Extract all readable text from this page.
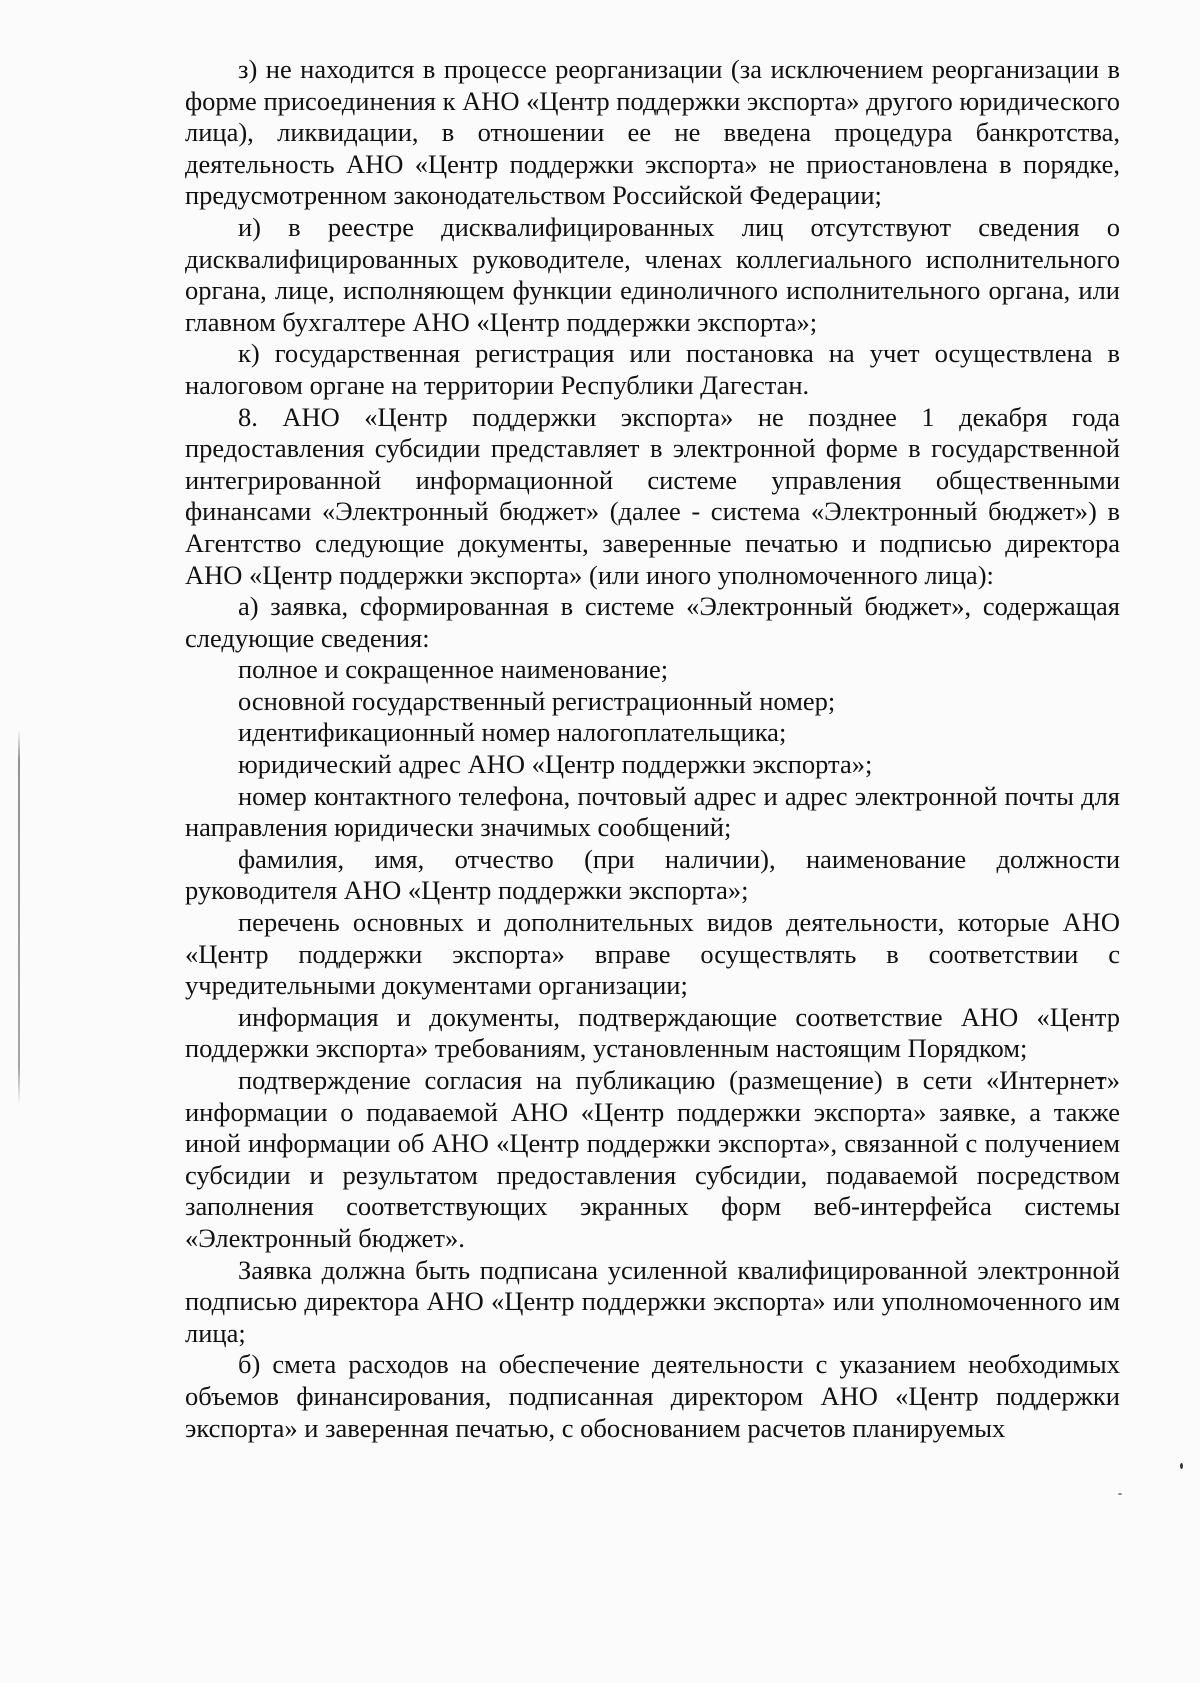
з) не находится в процессе реорганизации (за исключением реорганизации в форме присоединения к АНО «Центр поддержки экспорта» другого юридического лица), ликвидации, в отношении ее не введена процедура банкротства, деятельность АНО «Центр поддержки экспорта» не приостановлена в порядке, предусмотренном законодательством Российской Федерации;

и) в реестре дисквалифицированных лиц отсутствуют сведения о дисквалифицированных руководителе, членах коллегиального исполнительного органа, лице, исполняющем функции единоличного исполнительного органа, или главном бухгалтере АНО «Центр поддержки экспорта»;

к) государственная регистрация или постановка на учет осуществлена в налоговом органе на территории Республики Дагестан.

8. АНО «Центр поддержки экспорта» не позднее 1 декабря года предоставления субсидии представляет в электронной форме в государственной интегрированной информационной системе управления общественными финансами «Электронный бюджет» (далее - система «Электронный бюджет») в Агентство следующие документы, заверенные печатью и подписью директора АНО «Центр поддержки экспорта» (или иного уполномоченного лица):

а) заявка, сформированная в системе «Электронный бюджет», содержащая следующие сведения:

полное и сокращенное наименование;

основной государственный регистрационный номер;

идентификационный номер налогоплательщика;

юридический адрес АНО «Центр поддержки экспорта»;

номер контактного телефона, почтовый адрес и адрес электронной почты для направления юридически значимых сообщений;

фамилия, имя, отчество (при наличии), наименование должности руководителя АНО «Центр поддержки экспорта»;

перечень основных и дополнительных видов деятельности, которые АНО «Центр поддержки экспорта» вправе осуществлять в соответствии с учредительными документами организации;

информация и документы, подтверждающие соответствие АНО «Центр поддержки экспорта» требованиям, установленным настоящим Порядком;

подтверждение согласия на публикацию (размещение) в сети «Интернет» информации о подаваемой АНО «Центр поддержки экспорта» заявке, а также иной информации об АНО «Центр поддержки экспорта», связанной с получением субсидии и результатом предоставления субсидии, подаваемой посредством заполнения соответствующих экранных форм веб-интерфейса системы «Электронный бюджет».

Заявка должна быть подписана усиленной квалифицированной электронной подписью директора АНО «Центр поддержки экспорта» или уполномоченного им лица;

б) смета расходов на обеспечение деятельности с указанием необходимых объемов финансирования, подписанная директором АНО «Центр поддержки экспорта» и заверенная печатью, с обоснованием расчетов планируемых
